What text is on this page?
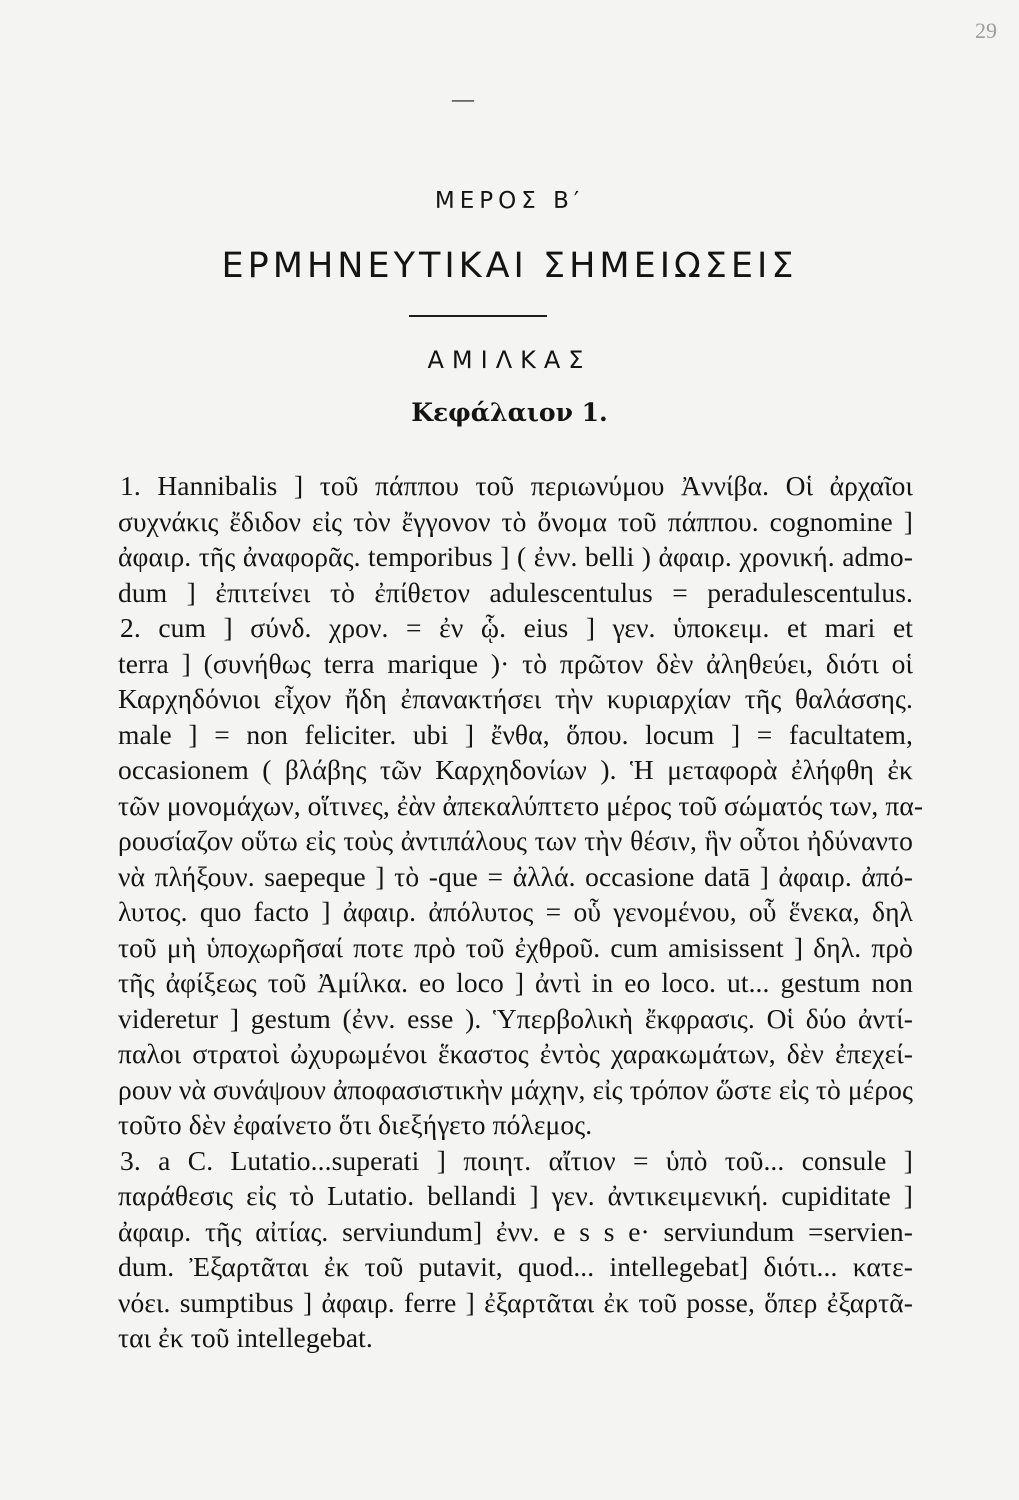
29
—
ΜΕΡΟΣ Β′
ΕΡΜΗΝΕΥΤΙΚΑΙ ΣΗΜΕΙΩΣΕΙΣ
ΑΜΙΛΚΑΣ
Κεφάλαιον 1.
1. Hannibalis ] τοῦ πάππου τοῦ περιωνύμου Ἀννίβα. Οἱ ἀρχαῖοι
συχνάκις ἔδιδον εἰς τὸν ἔγγονον τὸ ὄνομα τοῦ πάππου. cognomine ]
ἀφαιρ. τῆς ἀναφορᾶς. temporibus ] ( ἐνν. belli ) ἀφαιρ. χρονική. admo-
dum ] ἐπιτείνει τὸ ἐπίθετον adulescentulus = peradulescentulus.
2. cum ] σύνδ. χρον. = ἐν ᾧ. eius ] γεν. ὑποκειμ. et mari et
terra ] (συνήθως terra marique )· τὸ πρῶτον δὲν ἀληθεύει, διότι οἱ
Καρχηδόνιοι εἶχον ἤδη ἐπανακτήσει τὴν κυριαρχίαν τῆς θαλάσσης.
male ] = non feliciter. ubi ] ἔνθα, ὅπου. locum ] = facultatem,
occasionem ( βλάβης τῶν Καρχηδονίων ). Ἡ μεταφορὰ ἐλήφθη ἐκ
τῶν μονομάχων, οἵτινες, ἐὰν ἀπεκαλύπτετο μέρος τοῦ σώματός των, πα-
ρουσίαζον οὕτω εἰς τοὺς ἀντιπάλους των τὴν θέσιν, ἣν οὗτοι ἠδύναντο
νὰ πλήξουν. saepeque ] τὸ -que = ἀλλά. occasione datā ] ἀφαιρ. ἀπό-
λυτος. quo facto ] ἀφαιρ. ἀπόλυτος = οὗ γενομένου, οὗ ἕνεκα, δηλ
τοῦ μὴ ὑποχωρῆσαί ποτε πρὸ τοῦ ἐχθροῦ. cum amisissent ] δηλ. πρὸ
τῆς ἀφίξεως τοῦ Ἀμίλκα. eo loco ] ἀντὶ in eo loco. ut... gestum non
videretur ] gestum (ἐνν. esse ). Ὑπερβολικὴ ἔκφρασις. Οἱ δύο ἀντί-
παλοι στρατοὶ ὠχυρωμένοι ἕκαστος ἐντὸς χαρακωμάτων, δὲν ἐπεχεί-
ρουν νὰ συνάψουν ἀποφασιστικὴν μάχην, εἰς τρόπον ὥστε εἰς τὸ μέρος
τοῦτο δὲν ἐφαίνετο ὅτι διεξήγετο πόλεμος.
3. a C. Lutatio...superati ] ποιητ. αἴτιον = ὑπὸ τοῦ... consule ]
παράθεσις εἰς τὸ Lutatio. bellandi ] γεν. ἀντικειμενική. cupiditate ]
ἀφαιρ. τῆς αἰτίας. serviundum] ἐνν. e s s e· serviundum =servien-
dum. Ἐξαρτᾶται ἐκ τοῦ putavit, quod... intellegebat] διότι... κατε-
νόει. sumptibus ] ἀφαιρ. ferre ] ἐξαρτᾶται ἐκ τοῦ posse, ὅπερ ἐξαρτᾶ-
ται ἐκ τοῦ intellegebat.
